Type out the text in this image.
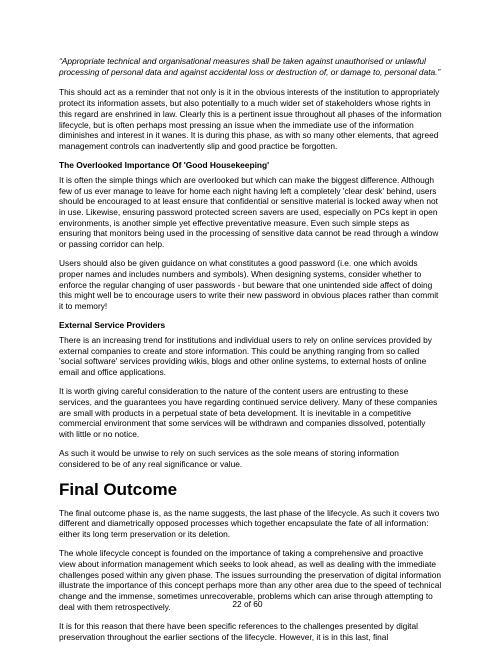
“Appropriate technical and organisational measures shall be taken against unauthorised or unlawful processing of personal data and against accidental loss or destruction of, or damage to, personal data.”

This should act as a reminder that not only is it in the obvious interests of the institution to appropriately protect its information assets, but also potentially to a much wider set of stakeholders whose rights in this regard are enshrined in law. Clearly this is a pertinent issue throughout all phases of the information lifecycle, but is often perhaps most pressing an issue when the immediate use of the information diminishes and interest in it wanes. It is during this phase, as with so many other elements, that agreed management controls can inadvertently slip and good practice be forgotten.

The Overlooked Importance Of 'Good Housekeeping'

It is often the simple things which are overlooked but which can make the biggest difference. Although few of us ever manage to leave for home each night having left a completely 'clear desk' behind, users should be encouraged to at least ensure that confidential or sensitive material is locked away when not in use. Likewise, ensuring password protected screen savers are used, especially on PCs kept in open environments, is another simple yet effective preventative measure. Even such simple steps as ensuring that monitors being used in the processing of sensitive data cannot be read through a window or passing corridor can help.

Users should also be given guidance on what constitutes a good password (i.e. one which avoids proper names and includes numbers and symbols). When designing systems, consider whether to enforce the regular changing of user passwords - but beware that one unintended side affect of doing this might well be to encourage users to write their new password in obvious places rather than commit it to memory!

External Service Providers

There is an increasing trend for institutions and individual users to rely on online services provided by external companies to create and store information. This could be anything ranging from so called 'social software' services providing wikis, blogs and other online systems, to external hosts of online email and office applications.

It is worth giving careful consideration to the nature of the content users are entrusting to these services, and the guarantees you have regarding continued service delivery. Many of these companies are small with products in a perpetual state of beta development. It is inevitable in a competitive commercial environment that some services will be withdrawn and companies dissolved, potentially with little or no notice.

As such it would be unwise to rely on such services as the sole means of storing information considered to be of any real significance or value.

Final Outcome

The final outcome phase is, as the name suggests, the last phase of the lifecycle. As such it covers two different and diametrically opposed processes which together encapsulate the fate of all information: either its long term preservation or its deletion.

The whole lifecycle concept is founded on the importance of taking a comprehensive and proactive view about information management which seeks to look ahead, as well as dealing with the immediate challenges posed within any given phase. The issues surrounding the preservation of digital information illustrate the importance of this concept perhaps more than any other area due to the speed of technical change and the immense, sometimes unrecoverable, problems which can arise through attempting to deal with them retrospectively.

It is for this reason that there have been specific references to the challenges presented by digital preservation throughout the earlier sections of the lifecycle. However, it is in this last, final

22 of 60
